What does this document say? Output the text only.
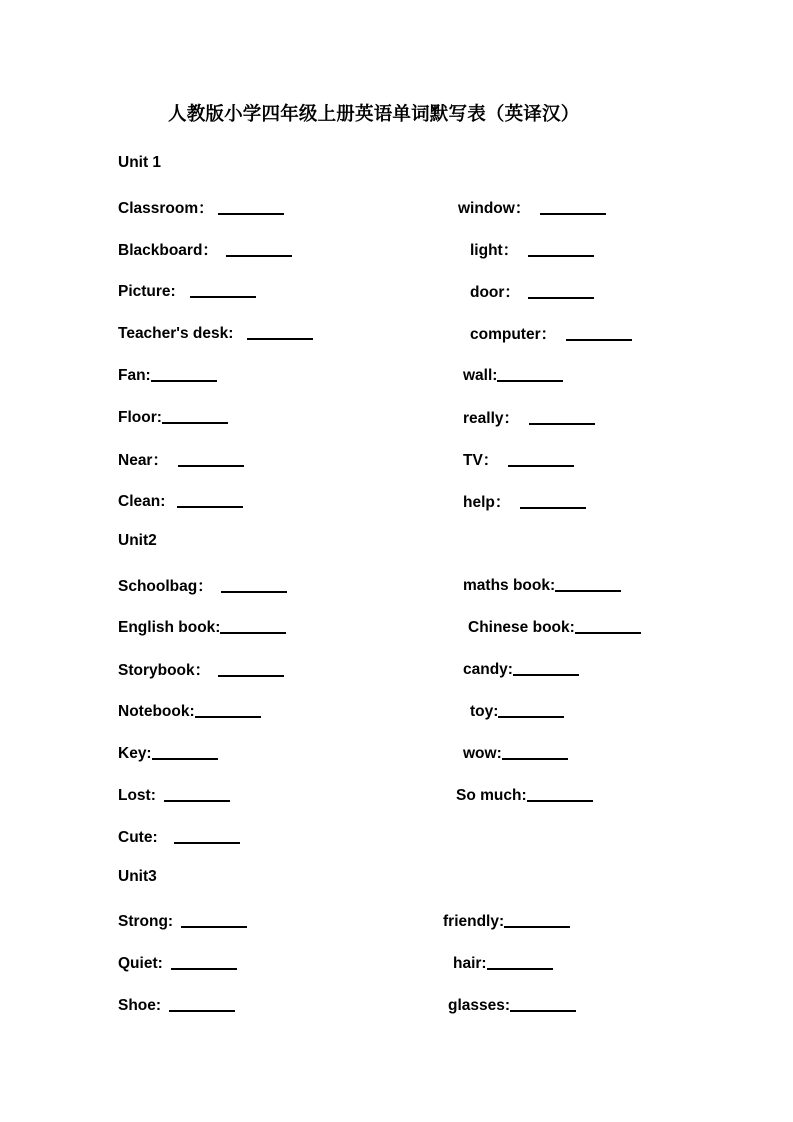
人教版小学四年级上册英语单词默写表（英译汉）
Unit 1
Classroom：	window：
Blackboard：	light：
Picture:	door：
Teacher's desk:	computer：
Fan:	wall:
Floor:	really：
Near：	TV：
Clean:	help：
Unit2
Schoolbag：	maths book:
English book:	Chinese book:
Storybook：	candy:
Notebook:	toy:
Key:	wow:
Lost:	So much:
Cute:
Unit3
Strong:	friendly:
Quiet:	hair:
Shoe:	glasses:
